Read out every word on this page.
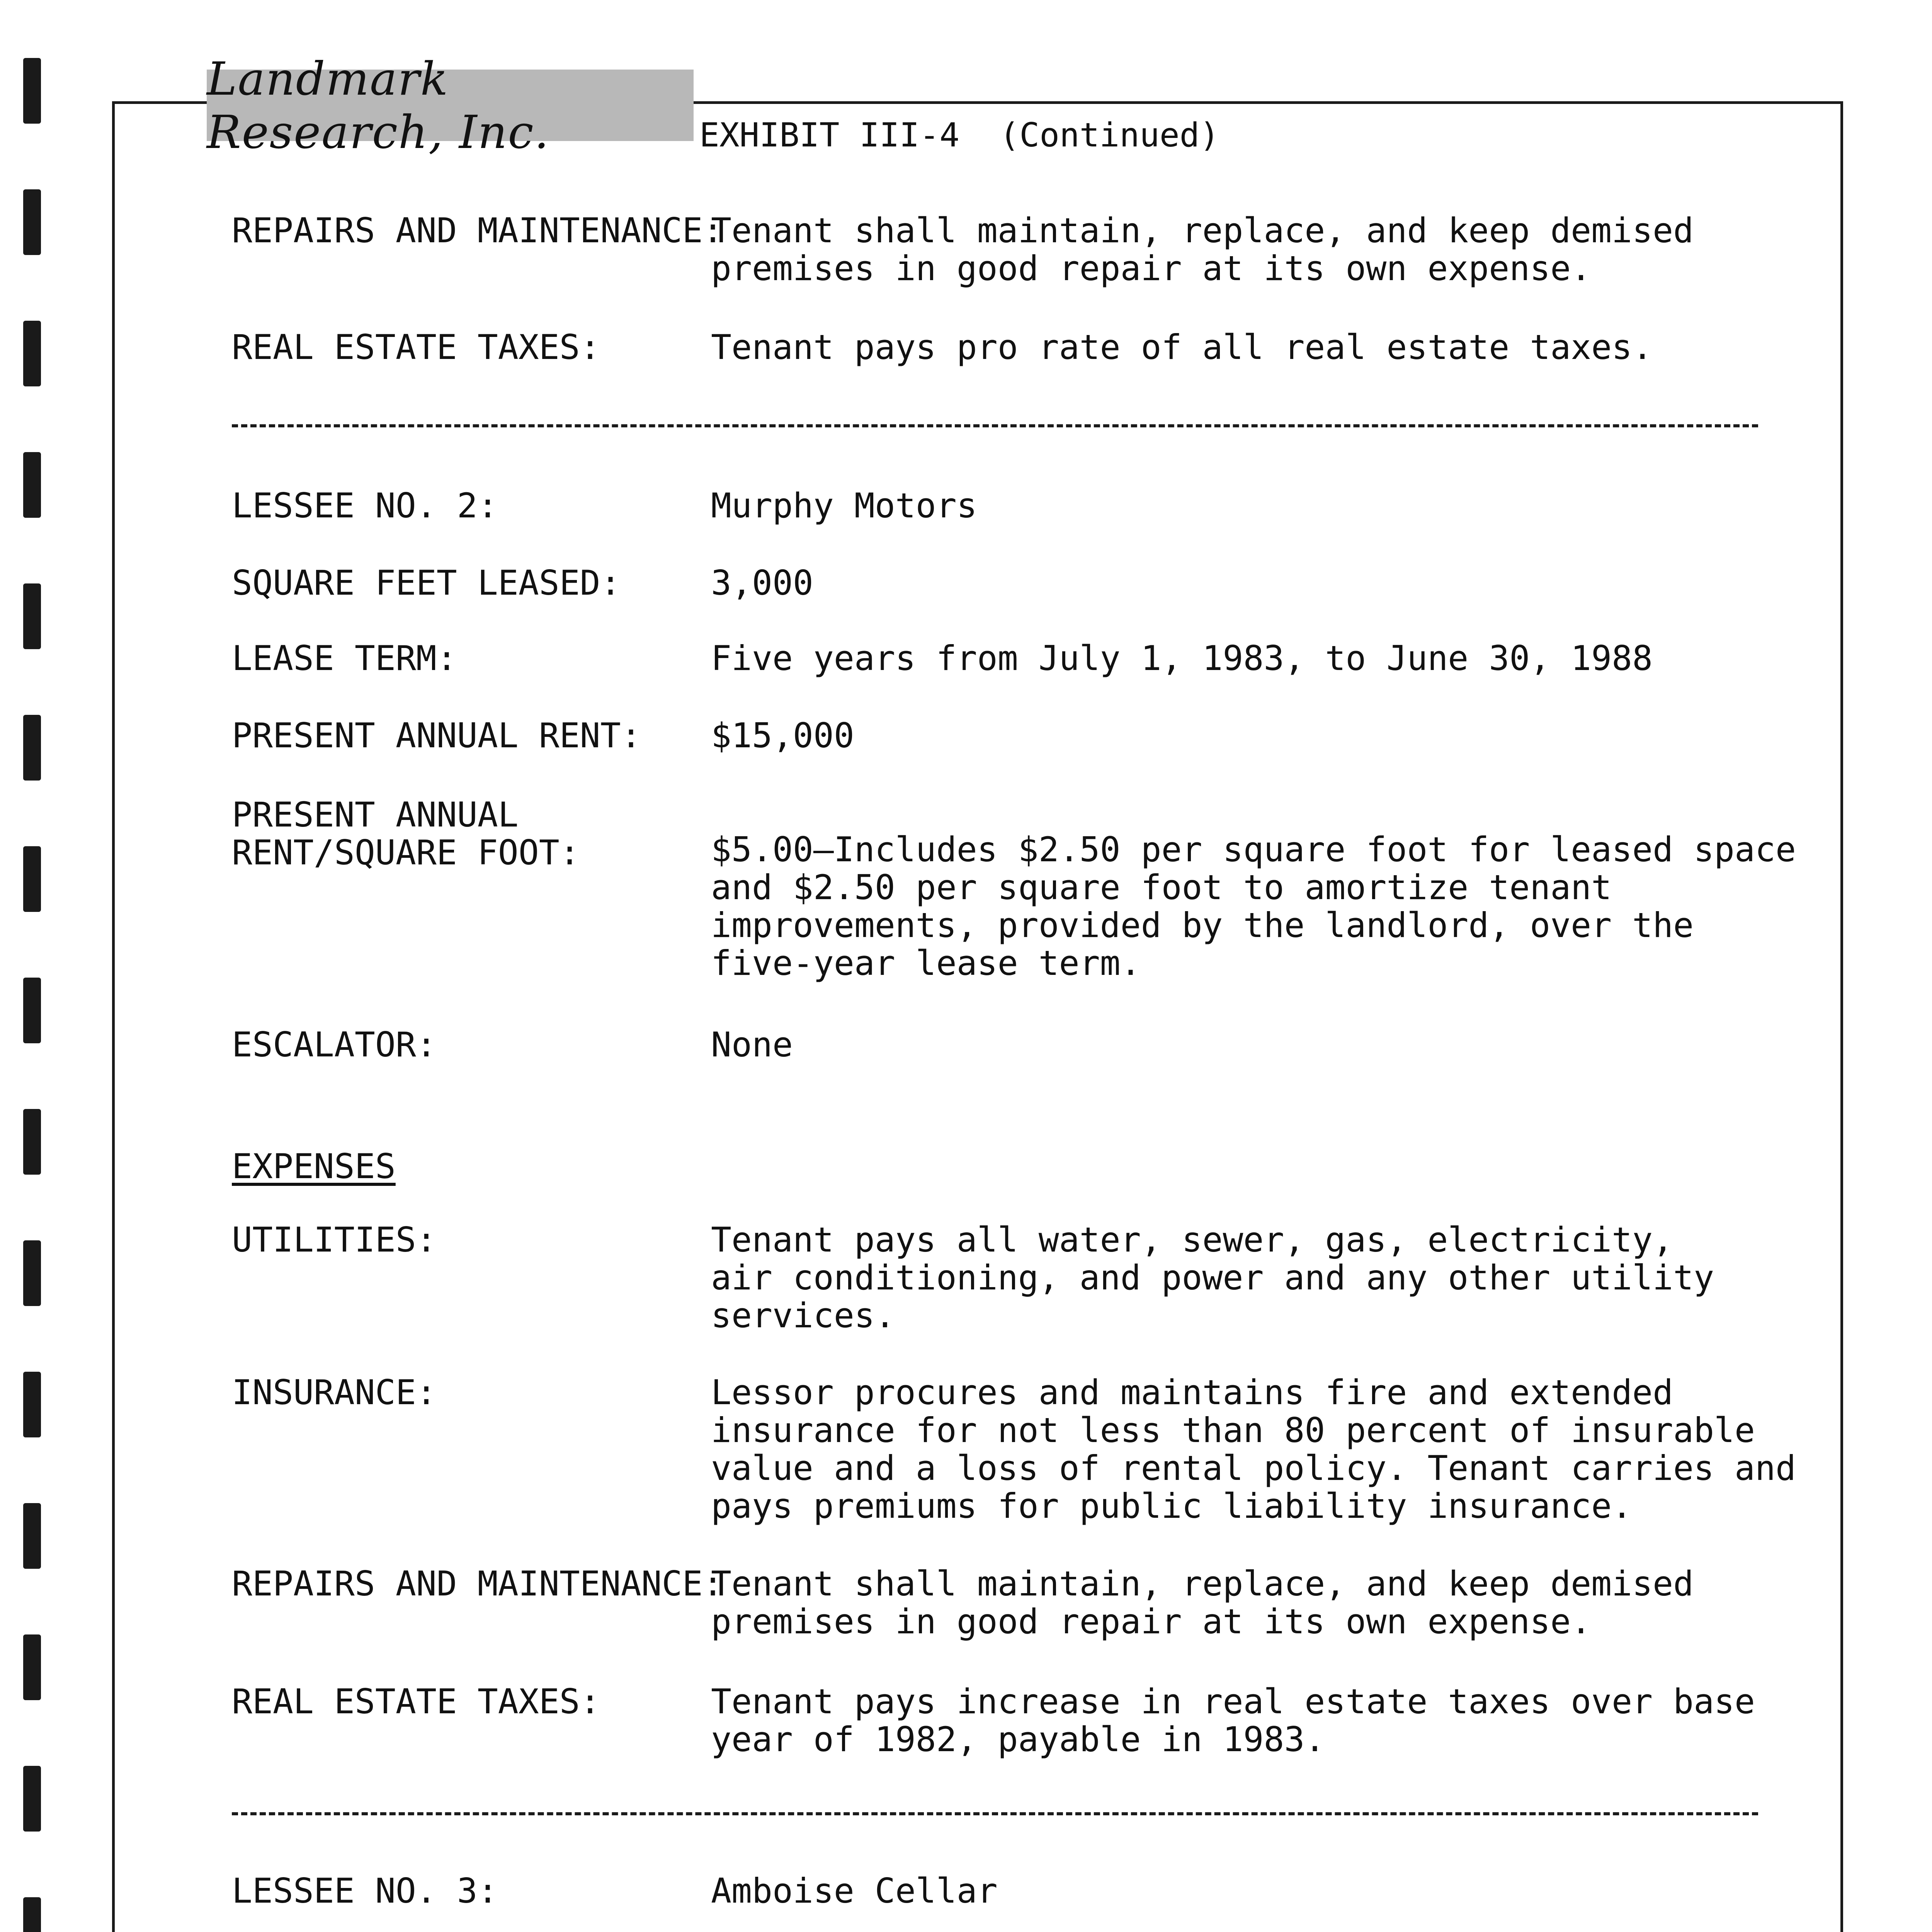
Landmark Research, Inc.	EXHIBIT III-4  (Continued)
REPAIRS AND MAINTENANCE:
Tenant shall maintain, replace, and keep demised
premises in good repair at its own expense.
REAL ESTATE TAXES:	Tenant pays pro rate of all real estate taxes.
LESSEE NO. 2:	Murphy Motors
SQUARE FEET LEASED:	3,000
LEASE TERM:	Five years from July 1, 1983, to June 30, 1988
PRESENT ANNUAL RENT: $15,000
PRESENT ANNUAL
RENT/SQUARE FOOT:	$5.00—Includes $2.50 per square foot for leased space
and $2.50 per square foot to amortize tenant
improvements, provided by the landlord, over the
five-year lease term.
ESCALATOR:	None
EXPENSES
UTILITIES:	Tenant pays all water, sewer, gas, electricity,
air conditioning, and power and any other utility
services.
INSURANCE:	Lessor procures and maintains fire and extended
insurance for not less than 80 percent of insurable
value and a loss of rental policy. Tenant carries and
pays premiums for public liability insurance.
REPAIRS AND MAINTENANCE:
Tenant shall maintain, replace, and keep demised
premises in good repair at its own expense.
REAL ESTATE TAXES:	Tenant pays increase in real estate taxes over base
year of 1982, payable in 1983.
LESSEE NO. 3:	Amboise Cellar
